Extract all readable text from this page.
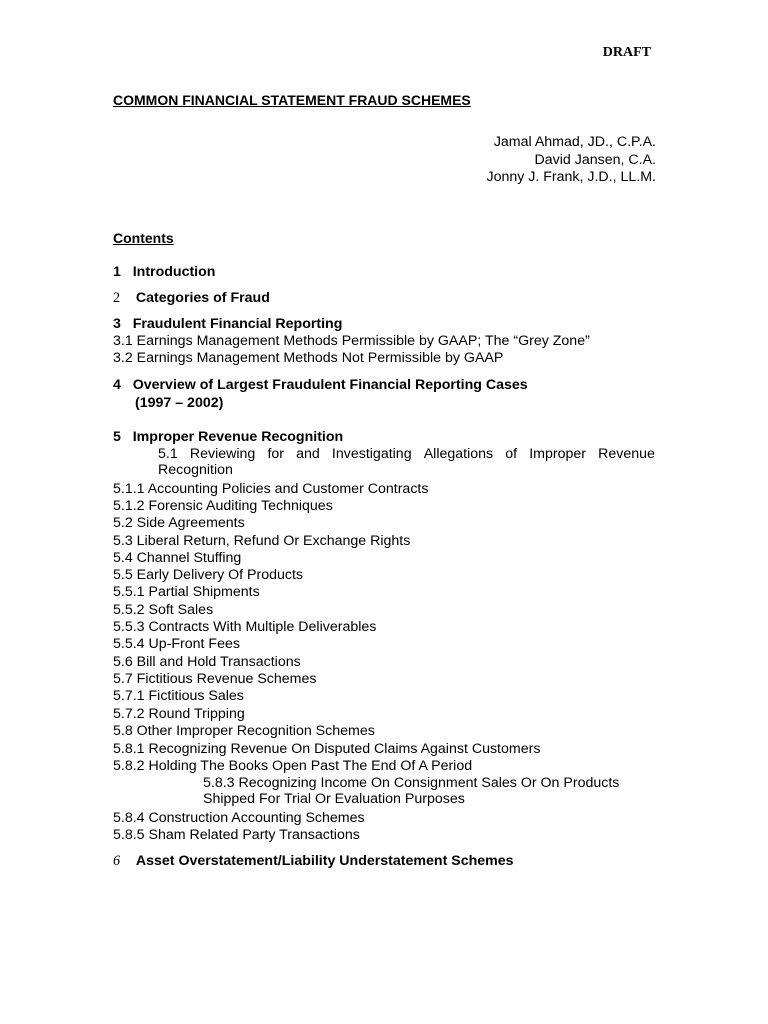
DRAFT
COMMON FINANCIAL STATEMENT FRAUD SCHEMES
Jamal Ahmad, JD., C.P.A.
David Jansen, C.A.
Jonny J. Frank, J.D., LL.M.
Contents
1 Introduction
2 Categories of Fraud
3 Fraudulent Financial Reporting
3.1 Earnings Management Methods Permissible by GAAP; The “Grey Zone”
3.2 Earnings Management Methods Not Permissible by GAAP
4 Overview of Largest Fraudulent Financial Reporting Cases
(1997 – 2002)
5 Improper Revenue Recognition
5.1 Reviewing for and Investigating Allegations of Improper Revenue
Recognition
5.1.1 Accounting Policies and Customer Contracts
5.1.2 Forensic Auditing Techniques
5.2 Side Agreements
5.3 Liberal Return, Refund Or Exchange Rights
5.4 Channel Stuffing
5.5 Early Delivery Of Products
5.5.1 Partial Shipments
5.5.2 Soft Sales
5.5.3 Contracts With Multiple Deliverables
5.5.4 Up-Front Fees
5.6 Bill and Hold Transactions
5.7 Fictitious Revenue Schemes
5.7.1 Fictitious Sales
5.7.2 Round Tripping
5.8 Other Improper Recognition Schemes
5.8.1 Recognizing Revenue On Disputed Claims Against Customers
5.8.2 Holding The Books Open Past The End Of A Period
5.8.3 Recognizing Income On Consignment Sales Or On Products
Shipped For Trial Or Evaluation Purposes
5.8.4 Construction Accounting Schemes
5.8.5 Sham Related Party Transactions
6 Asset Overstatement/Liability Understatement Schemes
